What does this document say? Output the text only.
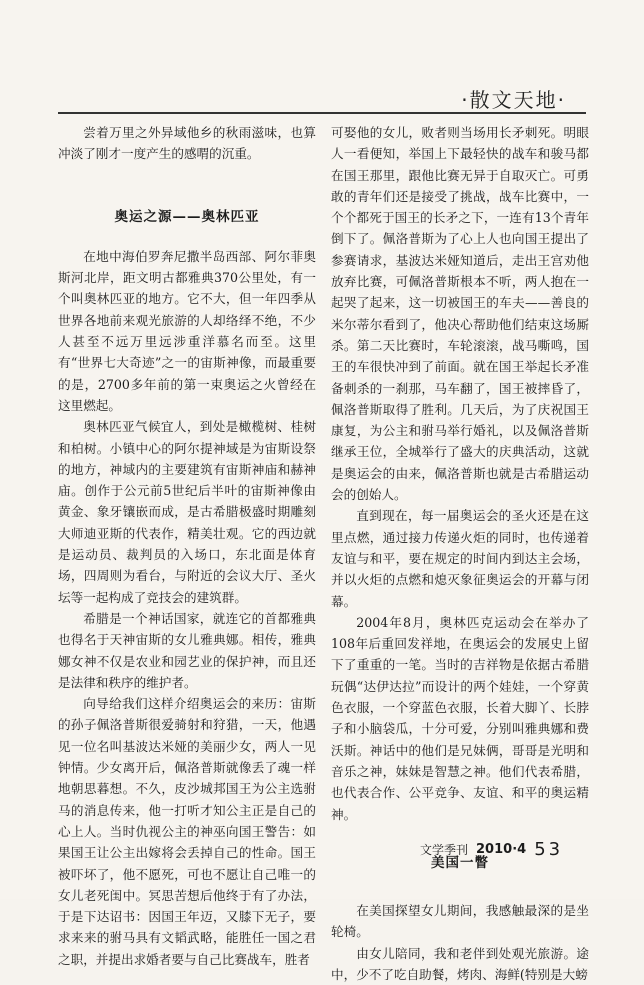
·散文天地·

尝着万里之外异域他乡的秋雨滋味，也算冲淡了刚才一度产生的感喟的沉重。

奥运之源——奥林匹亚

在地中海伯罗奔尼撒半岛西部、阿尔菲奥斯河北岸，距文明古都雅典370公里处，有一个叫奥林匹亚的地方。它不大，但一年四季从世界各地前来观光旅游的人却络绎不绝，不少人甚至不远万里远涉重洋慕名而至。这里有“世界七大奇迹”之一的宙斯神像，而最重要的是，2700多年前的第一束奥运之火曾经在这里燃起。

奥林匹亚气候宜人，到处是橄榄树、桂树和柏树。小镇中心的阿尔提神域是为宙斯设祭的地方，神域内的主要建筑有宙斯神庙和赫神庙。创作于公元前5世纪后半叶的宙斯神像由黄金、象牙镶嵌而成，是古希腊极盛时期雕刻大师迪亚斯的代表作，精美壮观。它的西边就是运动员、裁判员的入场口，东北面是体育场，四周则为看台，与附近的会议大厅、圣火坛等一起构成了竞技会的建筑群。

希腊是一个神话国家，就连它的首都雅典也得名于天神宙斯的女儿雅典娜。相传，雅典娜女神不仅是农业和园艺业的保护神，而且还是法律和秩序的维护者。

向导给我们这样介绍奥运会的来历：宙斯的孙子佩洛普斯很爱骑射和狩猎，一天，他遇见一位名叫基波达米娅的美丽少女，两人一见钟情。少女离开后，佩洛普斯就像丢了魂一样地朝思暮想。不久，皮沙城邦国王为公主选驸马的消息传来，他一打听才知公主正是自己的心上人。当时仇视公主的神巫向国王警告：如果国王让公主出嫁将会丢掉自己的性命。国王被吓坏了，他不愿死，可也不愿让自己唯一的女儿老死闺中。冥思苦想后他终于有了办法，于是下达诏书：因国王年迈，又膝下无子，要求来来的驸马具有文韬武略，能胜任一国之君之职，并提出求婚者要与自己比赛战车，胜者

可娶他的女儿，败者则当场用长矛刺死。明眼人一看便知，举国上下最轻快的战车和骏马都在国王那里，跟他比赛无异于自取灭亡。可勇敢的青年们还是接受了挑战，战车比赛中，一个个都死于国王的长矛之下，一连有13个青年倒下了。佩洛普斯为了心上人也向国王提出了参赛请求，基波达米娅知道后，走出王宫劝他放弃比赛，可佩洛普斯根本不听，两人抱在一起哭了起来，这一切被国王的车夫——善良的米尔蒂尔看到了，他决心帮助他们结束这场厮杀。第二天比赛时，车轮滚滚，战马嘶鸣，国王的车很快冲到了前面。就在国王举起长矛准备刺杀的一刹那，马车翻了，国王被摔昏了，佩洛普斯取得了胜利。几天后，为了庆祝国王康复，为公主和驸马举行婚礼，以及佩洛普斯继承王位，全城举行了盛大的庆典活动，这就是奥运会的由来，佩洛普斯也就是古希腊运动会的创始人。

直到现在，每一届奥运会的圣火还是在这里点燃，通过接力传递火炬的同时，也传递着友谊与和平，要在规定的时间内到达主会场，并以火炬的点燃和熄灭象征奥运会的开幕与闭幕。

2004年8月，奥林匹克运动会在举办了108年后重回发祥地，在奥运会的发展史上留下了重重的一笔。当时的吉祥物是依据古希腊玩偶“达伊达拉”而设计的两个娃娃，一个穿黄色衣服，一个穿蓝色衣服，长着大脚丫、长脖子和小脑袋瓜，十分可爱，分别叫雅典娜和费沃斯。神话中的他们是兄妹俩，哥哥是光明和音乐之神，妹妹是智慧之神。他们代表希腊，也代表合作、公平竞争、友谊、和平的奥运精神。

美国一瞥

在美国探望女儿期间，我感触最深的是坐轮椅。

由女儿陪同，我和老伴到处观光旅游。途中，少不了吃自助餐，烤肉、海鲜(特别是大螃

文学季刊 2010·4 53
